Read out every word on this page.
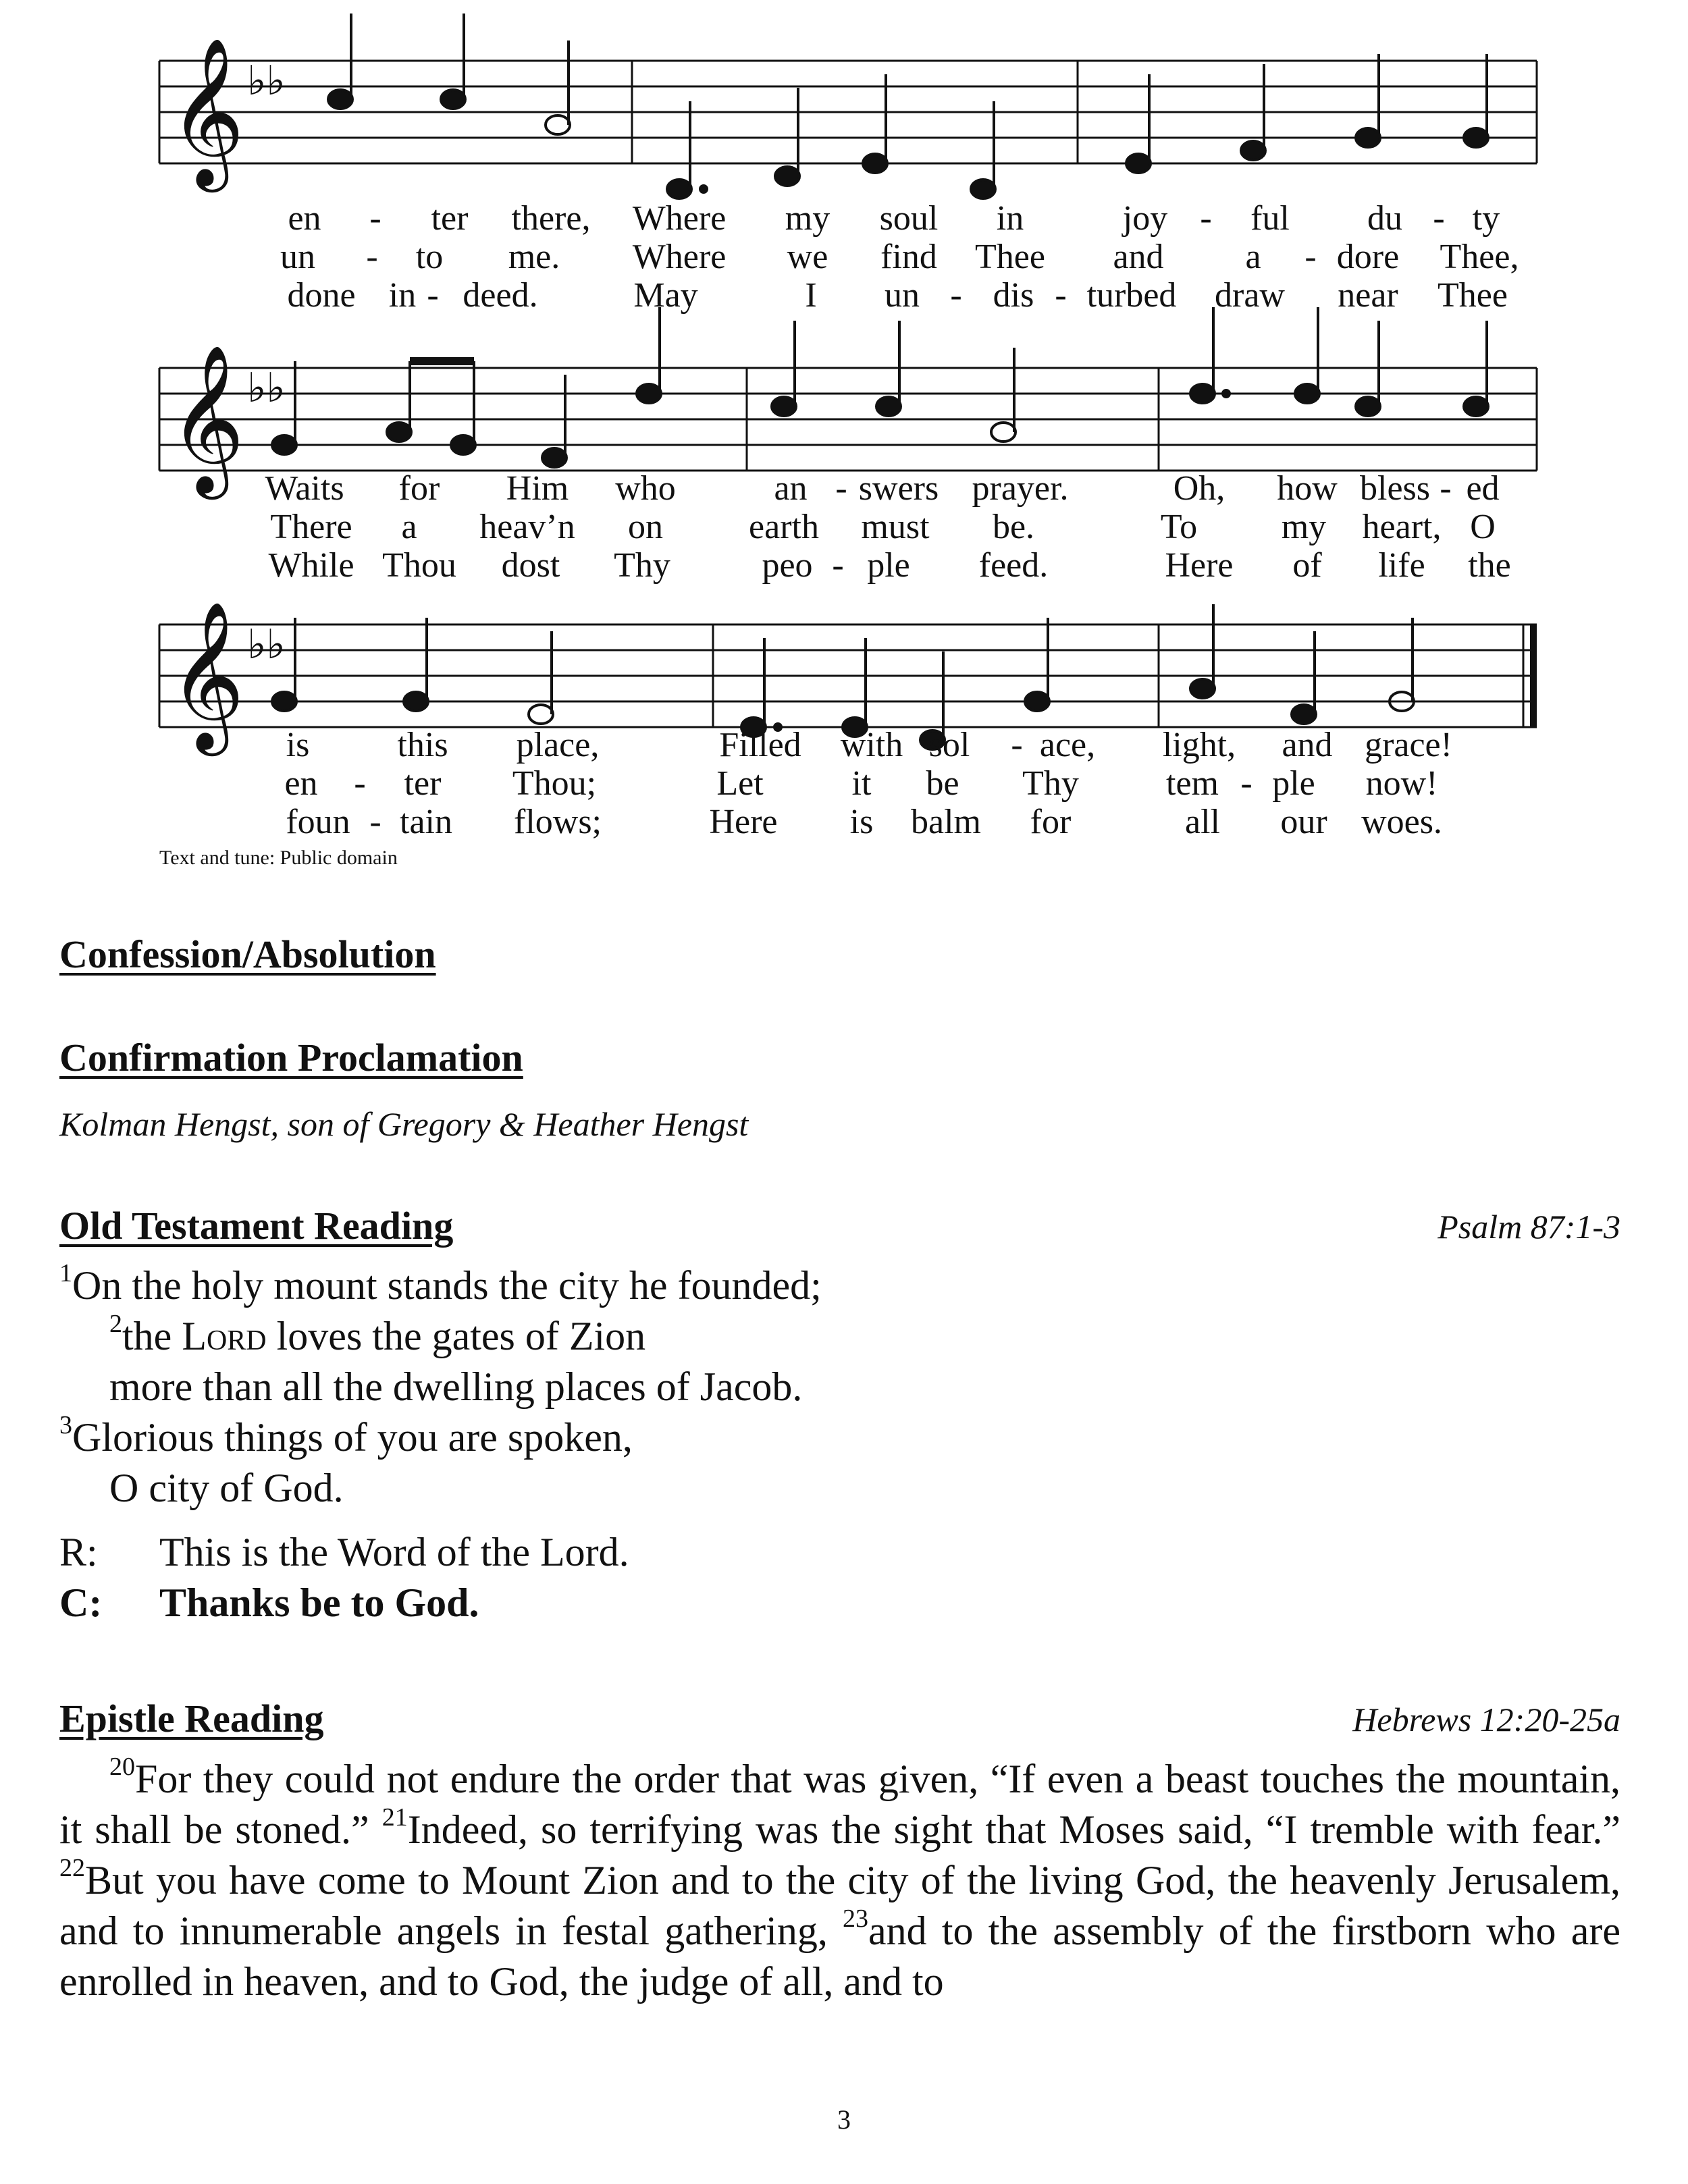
𝄞 ♭♭
en - ter there, Where my soul in	joy - ful du - ty
un - to me. Where we find Thee and a - dore Thee,
done in - deed.	May	I un - dis - turbed draw near Thee
𝄞 ♭♭
Waits for Him who	an - swers prayer.	Oh, how bless - ed
There a heav’n on earth must be.	To my heart, O
While Thou dost Thy	peo - ple feed.	Here of life the
𝄞 ♭♭
is	this place,	Filled with sol - ace, light, and grace!
en - ter Thou;	Let	it be Thy tem - ple now!
foun - tain flows;	Here is balm for	all our woes.
Text and tune: Public domain
Confession/Absolution
Confirmation Proclamation
Kolman Hengst, son of Gregory & Heather Hengst
Old Testament Reading	Psalm 87:1-3
$^1$On the holy mount stands the city he founded;
$^2$the Lord loves the gates of Zion
more than all the dwelling places of Jacob.
$^3$Glorious things of you are spoken,
O city of God.
R: This is the Word of the Lord.
C: Thanks be to God.
Epistle Reading	Hebrews 12:20-25a

$^{20}$For they could not endure the order that was given, “If even a beast touches the mountain, it shall be stoned.” $^{21}$Indeed, so terrifying was the sight that Moses said, “I tremble with fear.” $^{22}$But you have come to Mount Zion and to the city of the living God, the heavenly Jerusalem, and to innumerable angels in festal gathering, $^{23}$and to the assembly of the firstborn who are enrolled in heaven, and to God, the judge of all, and to

3
